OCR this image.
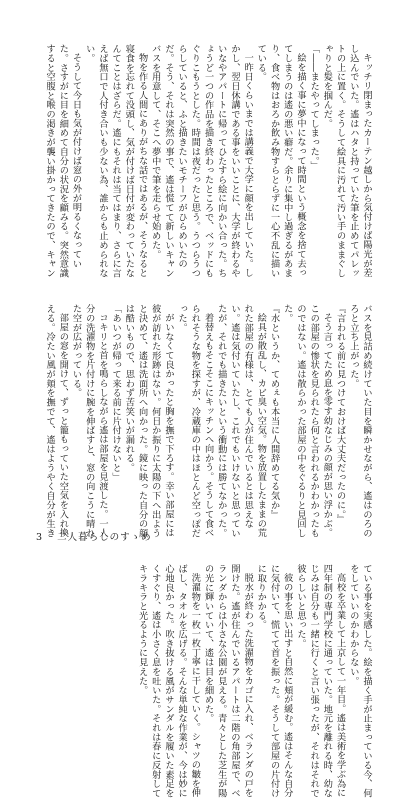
キッチリ閉まったカーテン越しから気付けば陽光が差し込んでいた。遙はハタと持っていた筆を止めてパレットの上に置く。そうして絵具に汚れて汚い手のままぐしゃりと髪を掴んだ。

「――またやってしまった。」

絵を描く事に夢中になって時間という概念を捨て去ってしまうのは遙の悪い癖だ。余りに集中し過ぎるがあまり、食べ物はおろか飲み物すらとらずに一心不乱に描いている。

一昨日くらいまでは講義で大学に顔を出していた。しかし、翌日休講である事をいいことに、大学が終わるやいなやアパートに帰ってひたすら絵に向かい合った。ちょうど一つの作品を描き終わったところで、ベッドにもぐりこもうとした。時間は夜だったと思う。うつらうつらしていると、ふと描きたいモチーフがひらめいたのだ。そう、それは突然の事で、遙は慌てて新しいキャンバスを用意して、そこへ夢中で筆を走らせ始めた。

物を作る人間にありがちな話ではあるが、そうなると寝食を忘れて没頭し、気が付けば日付が変わっていたなんてことはざらだ。遙にもそれは当てはまり、さらに言えば無口で人付き合いも少ない為、誰からも止められない。

そうして今日も気が付けば窓の外が明るくなっていた。さすがに目を細めて自分の状況を顧みる。突然意識すると空腹と喉の渇きが襲い掛かってきたので、キャンバスを見詰め続けていた目を瞬かせながら、遙はのろのろと立ち上がった。

『言われる前に見つけておけば大丈夫だったのに。』

そう言ってため息を零す幼なじみの顔が思い浮かぶ。この部屋の惨状を見られたら何と言われるかわかったものではない。遙は散らかった部屋の中をぐるりと見回した。

『水というか、てめぇも本当に人間辞めてる気か』

絵具が散乱し、カビ臭い空気。物を放置したままの荒れた部屋の有様は、とても人が住んでいるとは思えない。遙は気付いていたし、これでもいけないと思っていたが、それでも描きたいという衝動には勝てなかった。

着替えもそこそこにキッチンへ向かう。そうして食べられそうな物を探すが、冷蔵庫の中はほとんど空っぽだった。

がいなくて良かったと胸を撫で下ろす。幸い部屋には彼が訪れた形跡はない。何日か振りに太陽の下へ出ようと決めて、遙は洗面所へ向かった。鏡に映った自分の顔は酷いもので、思わず苦笑いが漏れる。

「あいつが帰って来る前に片付けないと」

コキリと首を鳴らしながら遙は部屋を見渡した。一人分の洗濯物を片付けに腕を伸ばすと、窓の向こうに晴れた空が広がっている。

部屋の窓を開けて、ずっと籠もっていた空気を入れ換える。冷たい風が頬を撫でて、遙はようやく自分が生きている事を実感した。絵を描く手が止まっている今、何をしていいのかわからない。

高校を卒業して上京して一年目。遙は美術を学ぶ為に四年制の専門学校に通っていた。地元を離れる時、幼なじみは自分も一緒に行くと言い張ったが、それはそれで彼らしいと思った。

彼の事を思い出すと自然に頬が緩む。遙はそんな自分に気付いて、慌てて首を振った。そうして部屋の片付けに取りかかる。

脱水が終わった洗濯物をカゴに入れ、ベランダの戸を開けた。遙が住んでいるアパートは二階の角部屋で、ベランダからは小さな公園が見える。青々とした芝生が陽の光に輝いていて、遙は目を細めた。

洗濯物を一枚一枚丁寧に干していく。シャツの皺を伸ばし、タオルを広げる。そんな単純な作業が、今は妙に心地良かった。吹き抜ける風がサンダルを履いた素足をくすぐり、遙は小さく息を吐いた。それは春に反射してキラキラと光るように見えた。

3 二人暮らしのすゝめ
